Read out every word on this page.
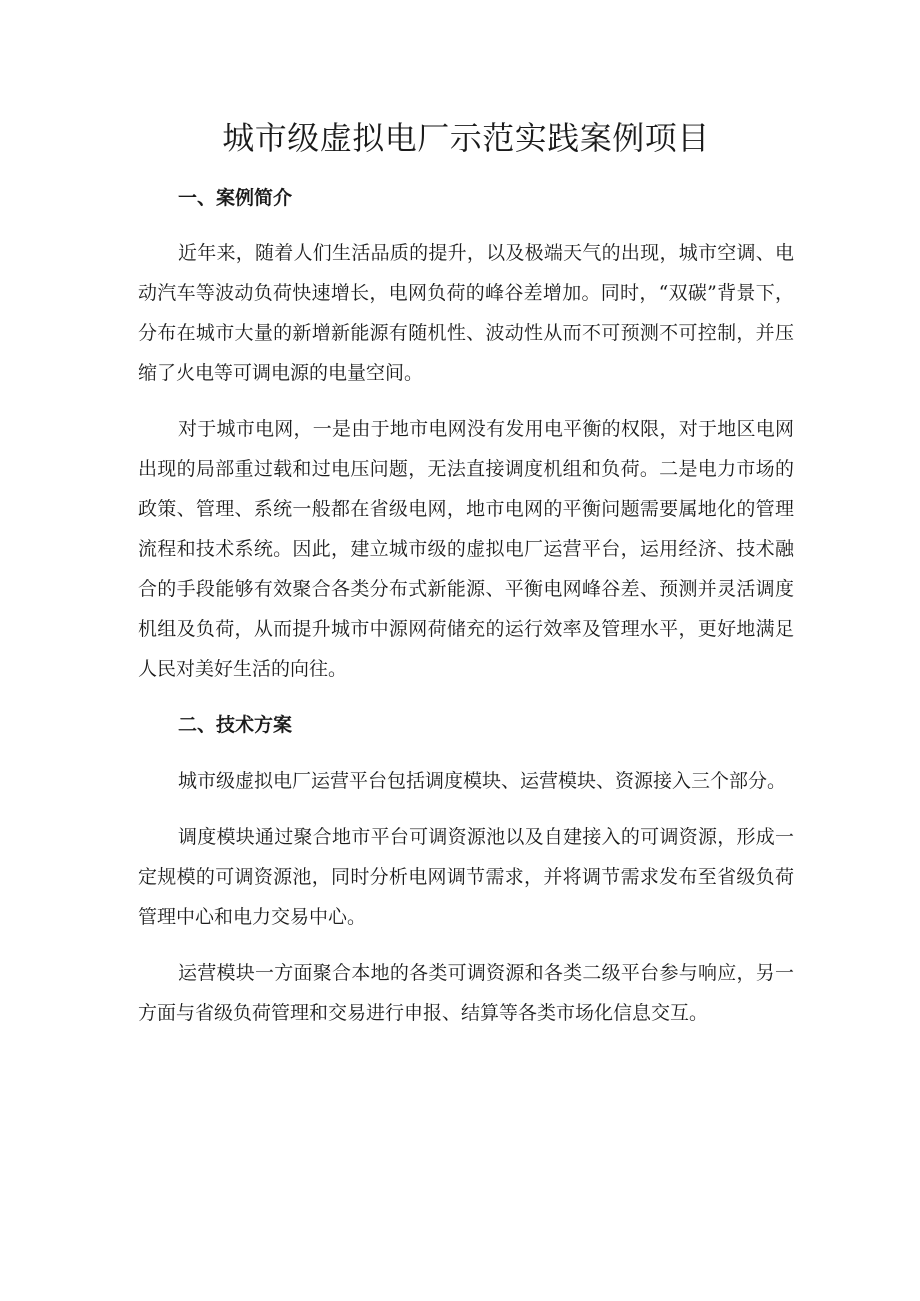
城市级虚拟电厂示范实践案例项目
一、案例简介

近年来，随着人们生活品质的提升，以及极端天气的出现，城市空调、电动汽车等波动负荷快速增长，电网负荷的峰谷差增加。同时，“双碳”背景下，分布在城市大量的新增新能源有随机性、波动性从而不可预测不可控制，并压缩了火电等可调电源的电量空间。

对于城市电网，一是由于地市电网没有发用电平衡的权限，对于地区电网出现的局部重过载和过电压问题，无法直接调度机组和负荷。二是电力市场的政策、管理、系统一般都在省级电网，地市电网的平衡问题需要属地化的管理流程和技术系统。因此，建立城市级的虚拟电厂运营平台，运用经济、技术融合的手段能够有效聚合各类分布式新能源、平衡电网峰谷差、预测并灵活调度机组及负荷，从而提升城市中源网荷储充的运行效率及管理水平，更好地满足人民对美好生活的向往。

二、技术方案

城市级虚拟电厂运营平台包括调度模块、运营模块、资源接入三个部分。

调度模块通过聚合地市平台可调资源池以及自建接入的可调资源，形成一定规模的可调资源池，同时分析电网调节需求，并将调节需求发布至省级负荷管理中心和电力交易中心。

运营模块一方面聚合本地的各类可调资源和各类二级平台参与响应，另一方面与省级负荷管理和交易进行申报、结算等各类市场化信息交互。
